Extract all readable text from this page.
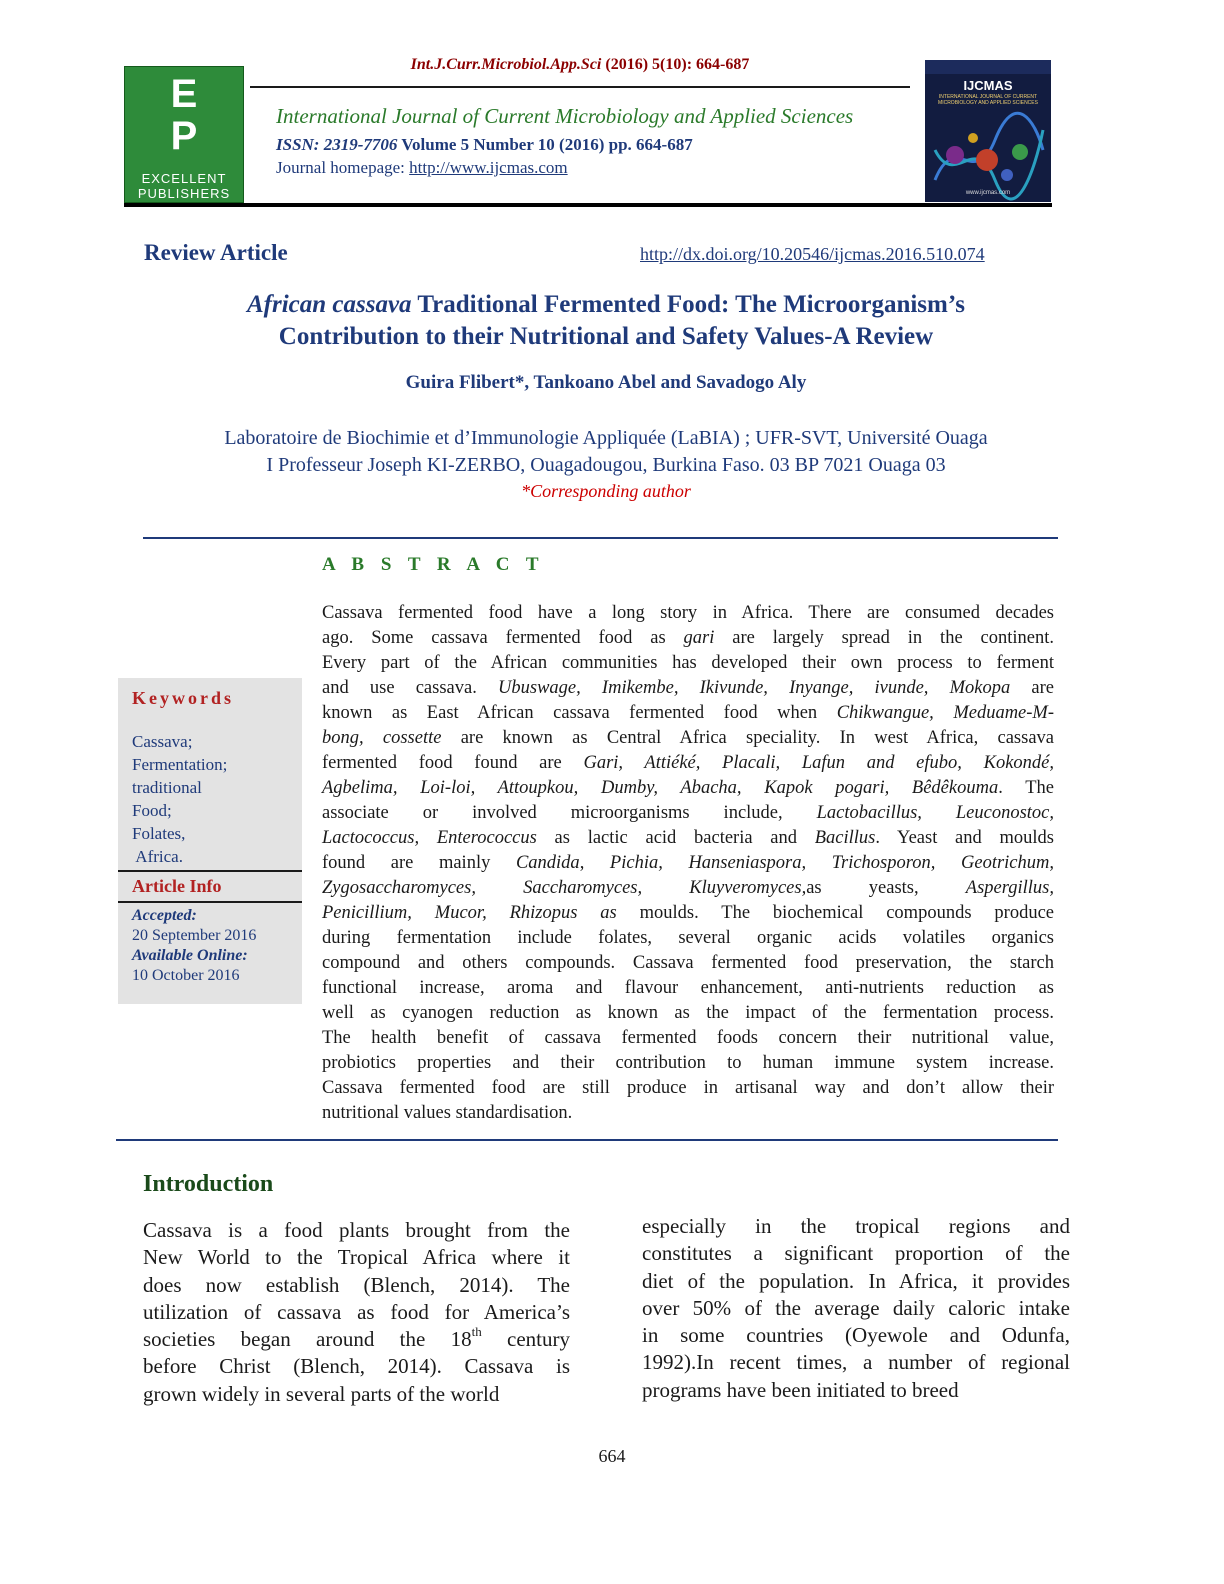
E
P
EXCELLENT
PUBLISHERS
Int.J.Curr.Microbiol.App.Sci (2016) 5(10): 664-687
International Journal of Current Microbiology and Applied Sciences
ISSN: 2319-7706 Volume 5 Number 10 (2016) pp. 664-687
Journal homepage: http://www.ijcmas.com
IJCMAS
INTERNATIONAL JOURNAL OF CURRENT MICROBIOLOGY AND APPLIED SCIENCES
www.ijcmas.com
Review Article	http://dx.doi.org/10.20546/ijcmas.2016.510.074
African cassava Traditional Fermented Food: The Microorganism’s
Contribution to their Nutritional and Safety Values-A Review
Guira Flibert*, Tankoano Abel and Savadogo Aly
Laboratoire de Biochimie et d’Immunologie Appliquée (LaBIA) ; UFR-SVT, Université Ouaga
I Professeur Joseph KI-ZERBO, Ouagadougou, Burkina Faso. 03 BP 7021 Ouaga 03
*Corresponding author
A B S T R A C T
Keywords
Cassava;
Fermentation;
traditional
Food;
Folates,
Africa.
Article Info
Accepted:
20 September 2016
Available Online:
10 October 2016
Cassava fermented food have a long story in Africa. There are consumed decades
ago. Some cassava fermented food as gari are largely spread in the continent.
Every part of the African communities has developed their own process to ferment
and use cassava. Ubuswage, Imikembe, Ikivunde, Inyange, ivunde, Mokopa are
known as East African cassava fermented food when Chikwangue, Meduame-M-
bong, cossette are known as Central Africa speciality. In west Africa, cassava
fermented food found are Gari, Attiéké, Placali, Lafun and efubo, Kokondé,
Agbelima, Loi-loi, Attoupkou, Dumby, Abacha, Kapok pogari, Bêdêkouma. The
associate or involved microorganisms include, Lactobacillus, Leuconostoc,
Lactococcus, Enterococcus as lactic acid bacteria and Bacillus. Yeast and moulds
found are mainly Candida, Pichia, Hanseniaspora, Trichosporon, Geotrichum,
Zygosaccharomyces, Saccharomyces, Kluyveromyces,as yeasts, Aspergillus,
Penicillium, Mucor, Rhizopus as moulds. The biochemical compounds produce
during fermentation include folates, several organic acids volatiles organics
compound and others compounds. Cassava fermented food preservation, the starch
functional increase, aroma and flavour enhancement, anti-nutrients reduction as
well as cyanogen reduction as known as the impact of the fermentation process.
The health benefit of cassava fermented foods concern their nutritional value,
probiotics properties and their contribution to human immune system increase.
Cassava fermented food are still produce in artisanal way and don’t allow their
nutritional values standardisation.
Introduction
Cassava is a food plants brought from the
New World to the Tropical Africa where it
does now establish (Blench, 2014). The
utilization of cassava as food for America’s
societies began around the 18th century
before Christ (Blench, 2014). Cassava is
grown widely in several parts of the world
especially in the tropical regions and
constitutes a significant proportion of the
diet of the population. In Africa, it provides
over 50% of the average daily caloric intake
in some countries (Oyewole and Odunfa,
1992).In recent times, a number of regional
programs have been initiated to breed
664
